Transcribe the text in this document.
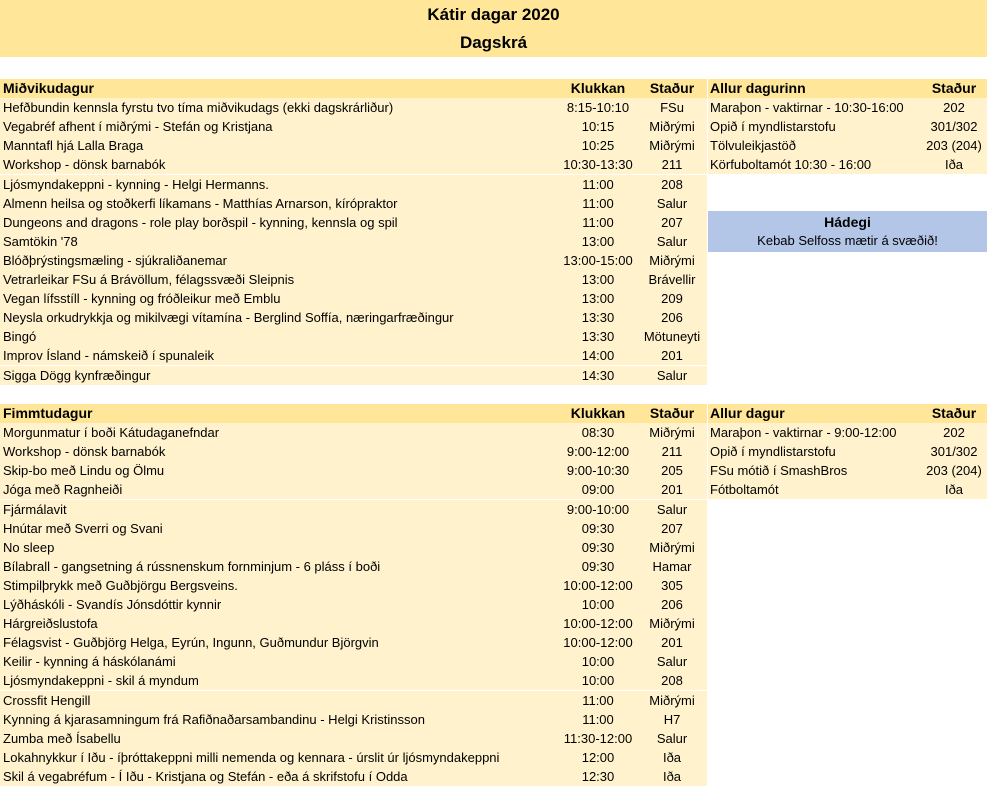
Kátir dagar 2020
Dagskrá
Miðvikudagur	Klukkan	Staður	Allur dagurinn	Staður
Hefðbundin kennsla fyrstu tvo tíma miðvikudags (ekki dagskrárliður)	8:15-10:10	FSu
Vegabréf afhent í miðrými - Stefán og Kristjana	10:15	Miðrými
Manntafl hjá Lalla Braga	10:25	Miðrými
Workshop - dönsk barnabók	10:30-13:30	211
Ljósmyndakeppni - kynning - Helgi Hermanns.	11:00	208
Almenn heilsa og stoðkerfi líkamans - Matthías Arnarson, kírópraktor	11:00	Salur
Dungeons and dragons - role play borðspil - kynning, kennsla og spil	11:00	207
Samtökin '78	13:00	Salur
Blóðþrýstingsmæling - sjúkraliðanemar	13:00-15:00	Miðrými
Vetrarleikar FSu á Brávöllum, félagssvæði Sleipnis	13:00	Brávellir
Vegan lífsstíll - kynning og fróðleikur með Emblu	13:00	209
Neysla orkudrykkja og mikilvægi vítamína - Berglind Soffía, næringarfræðingur	13:30	206
Bingó	13:30	Mötuneyti
Improv Ísland - námskeið í spunaleik	14:00	201
Sigga Dögg kynfræðingur	14:30	Salur
Maraþon - vaktirnar - 10:30-16:00	202
Opið í myndlistarstofu	301/302
Tölvuleikjastöð	203 (204)
Körfuboltamót 10:30 - 16:00	Iða
Hádegi
Kebab Selfoss mætir á svæðið!
Fimmtudagur	Klukkan	Staður	Allur dagur	Staður
Morgunmatur í boði Kátudaganefndar	08:30	Miðrými
Workshop - dönsk barnabók	9:00-12:00	211
Skip-bo með Lindu og Ölmu	9:00-10:30	205
Jóga með Ragnheiði	09:00	201
Fjármálavit	9:00-10:00	Salur
Hnútar með Sverri og Svani	09:30	207
No sleep	09:30	Miðrými
Bílabrall - gangsetning á rússnenskum fornminjum - 6 pláss í boði	09:30	Hamar
Stimpilþrykk með Guðbjörgu Bergsveins.	10:00-12:00	305
Lýðháskóli - Svandís Jónsdóttir kynnir	10:00	206
Hárgreiðslustofa	10:00-12:00	Miðrými
Félagsvist - Guðbjörg Helga, Eyrún, Ingunn, Guðmundur Björgvin	10:00-12:00	201
Keilir - kynning á háskólanámi	10:00	Salur
Ljósmyndakeppni - skil á myndum	10:00	208
Crossfit Hengill	11:00	Miðrými
Kynning á kjarasamningum frá Rafiðnaðarsambandinu - Helgi Kristinsson	11:00	H7
Zumba með Ísabellu	11:30-12:00	Salur
Lokahnykkur í Iðu - íþróttakeppni milli nemenda og kennara - úrslit úr ljósmyndakeppni	12:00	Iða
Skil á vegabréfum - Í Iðu - Kristjana og Stefán - eða á skrifstofu í Odda	12:30	Iða
Maraþon - vaktirnar - 9:00-12:00	202
Opið í myndlistarstofu	301/302
FSu mótið í SmashBros	203 (204)
Fótboltamót	Iða
